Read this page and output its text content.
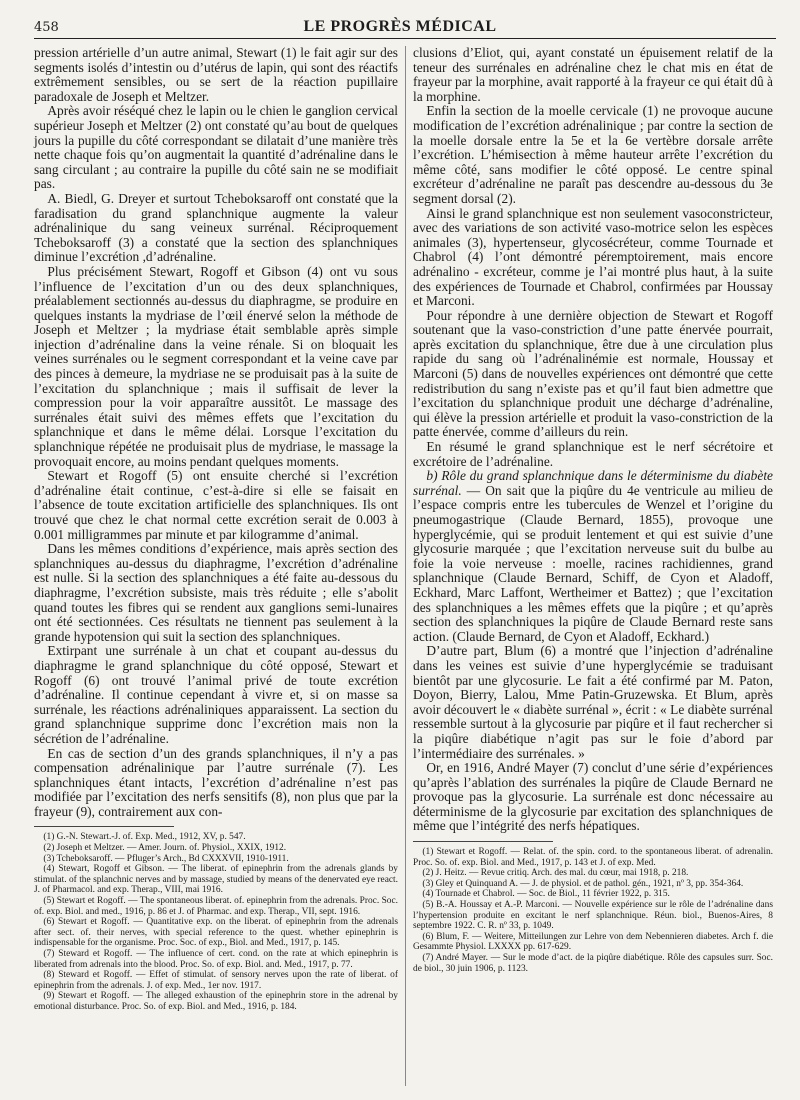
458	LE PROGRÈS MÉDICAL

pression artérielle d’un autre animal, Stewart (1) le fait agir sur des segments isolés d’intestin ou d’utérus de lapin, qui sont des réactifs extrêmement sensibles, ou se sert de la réaction pupillaire paradoxale de Joseph et Meltzer.

Après avoir réséqué chez le lapin ou le chien le ganglion cervical supérieur Joseph et Meltzer (2) ont constaté qu’au bout de quelques jours la pupille du côté correspondant se dilatait d’une manière très nette chaque fois qu’on augmentait la quantité d’adrénaline dans le sang circulant ; au contraire la pupille du côté sain ne se modifiait pas.

A. Biedl, G. Dreyer et surtout Tcheboksaroff ont constaté que la faradisation du grand splanchnique augmente la valeur adrénalinique du sang veineux surrénal. Réciproquement Tcheboksaroff (3) a constaté que la section des splanchniques diminue l’excrétion ,d’adrénaline.

Plus précisément Stewart, Rogoff et Gibson (4) ont vu sous l’influence de l’excitation d’un ou des deux splanchniques, préalablement sectionnés au-dessus du diaphragme, se produire en quelques instants la mydriase de l’œil énervé selon la méthode de Joseph et Meltzer ; la mydriase était semblable après simple injection d’adrénaline dans la veine rénale. Si on bloquait les veines surrénales ou le segment correspondant et la veine cave par des pinces à demeure, la mydriase ne se produisait pas à la suite de l’excitation du splanchnique ; mais il suffisait de lever la compression pour la voir apparaître aussitôt. Le massage des surrénales était suivi des mêmes effets que l’excitation du splanchnique et dans le même délai. Lorsque l’excitation du splanchnique répétée ne produisait plus de mydriase, le massage la provoquait encore, au moins pendant quelques moments.

Stewart et Rogoff (5) ont ensuite cherché si l’excrétion d’adrénaline était continue, c’est-à-dire si elle se faisait en l’absence de toute excitation artificielle des splanchniques. Ils ont trouvé que chez le chat normal cette excrétion serait de 0.003 à 0.001 milligrammes par minute et par kilogramme d’animal.

Dans les mêmes conditions d’expérience, mais après section des splanchniques au-dessus du diaphragme, l’excrétion d’adrénaline est nulle. Si la section des splanchniques a été faite au-dessous du diaphragme, l’excrétion subsiste, mais très réduite ; elle s’abolit quand toutes les fibres qui se rendent aux ganglions semi-lunaires ont été sectionnées. Ces résultats ne tiennent pas seulement à la grande hypotension qui suit la section des splanchniques.

Extirpant une surrénale à un chat et coupant au-dessus du diaphragme le grand splanchnique du côté opposé, Stewart et Rogoff (6) ont trouvé l’animal privé de toute excrétion d’adrénaline. Il continue cependant à vivre et, si on masse sa surrénale, les réactions adrénaliniques apparaissent. La section du grand splanchnique supprime donc l’excrétion mais non la sécrétion de l’adrénaline.

En cas de section d’un des grands splanchniques, il n’y a pas compensation adrénalinique par l’autre surrénale (7). Les splanchniques étant intacts, l’excrétion d’adrénaline n’est pas modifiée par l’excitation des nerfs sensitifs (8), non plus que par la frayeur (9), contrairement aux con-

(1) G.-N. Stewart.-J. of. Exp. Med., 1912, XV, p. 547.

(2) Joseph et Meltzer. — Amer. Journ. of. Physiol., XXIX, 1912.

(3) Tcheboksaroff. — Pfluger’s Arch., Bd CXXXVII, 1910-1911.

(4) Stewart, Rogoff et Gibson. — The liberat. of epinephrin from the adrenals glands by stimulat. of the splanchnic nerves and by massage, studied by means of the denervated eye react. J. of Pharmacol. and exp. Therap., VIII, mai 1916.

(5) Stewart et Rogoff. — The spontaneous liberat. of. epinephrin from the adrenals. Proc. Soc. of. exp. Biol. and med., 1916, p. 86 et J. of Pharmac. and exp. Therap., VII, sept. 1916.

(6) Stewart et Rogoff. — Quantitative exp. on the liberat. of epinephrin from the adrenals after sect. of. their nerves, with special reference to the quest. whether epinephrin is indispensable for the organisme. Proc. Soc. of exp., Biol. and Med., 1917, p. 145.

(7) Steward et Rogoff. — The influence of cert. cond. on the rate at which epinephrin is liberated from adrenals into the blood. Proc. So. of exp. Biol. and. Med., 1917, p. 77.

(8) Steward et Rogoff. — Effet of stimulat. of sensory nerves upon the rate of liberat. of epinephrin from the adrenals. J. of exp. Med., 1er nov. 1917.

(9) Stewart et Rogoff. — The alleged exhaustion of the epinephrin store in the adrenal by emotional disturbance. Proc. So. of exp. Biol. and Med., 1916, p. 184.

clusions d’Eliot, qui, ayant constaté un épuisement relatif de la teneur des surrénales en adrénaline chez le chat mis en état de frayeur par la morphine, avait rapporté à la frayeur ce qui était dû à la morphine.

Enfin la section de la moelle cervicale (1) ne provoque aucune modification de l’excrétion adrénalinique ; par contre la section de la moelle dorsale entre la 5e et la 6e vertèbre dorsale arrête l’excrétion. L’hémisection à même hauteur arrête l’excrétion du même côté, sans modifier le côté opposé. Le centre spinal excréteur d’adrénaline ne paraît pas descendre au-dessous du 3e segment dorsal (2).

Ainsi le grand splanchnique est non seulement vasoconstricteur, avec des variations de son activité vaso-motrice selon les espèces animales (3), hypertenseur, glycosécréteur, comme Tournade et Chabrol (4) l’ont démontré péremptoirement, mais encore adrénalino - excréteur, comme je l’ai montré plus haut, à la suite des expériences de Tournade et Chabrol, confirmées par Houssay et Marconi.

Pour répondre à une dernière objection de Stewart et Rogoff soutenant que la vaso-constriction d’une patte énervée pourrait, après excitation du splanchnique, être due à une circulation plus rapide du sang où l’adrénalinémie est normale, Houssay et Marconi (5) dans de nouvelles expériences ont démontré que cette redistribution du sang n’existe pas et qu’il faut bien admettre que l’excitation du splanchnique produit une décharge d’adrénaline, qui élève la pression artérielle et produit la vaso-constriction de la patte énervée, comme d’ailleurs du rein.

En résumé le grand splanchnique est le nerf sécrétoire et excrétoire de l’adrénaline.

b) Rôle du grand splanchnique dans le déterminisme du diabète surrénal. — On sait que la piqûre du 4e ventricule au milieu de l’espace compris entre les tubercules de Wenzel et l’origine du pneumogastrique (Claude Bernard, 1855), provoque une hyperglycémie, qui se produit lentement et qui est suivie d’une glycosurie marquée ; que l’excitation nerveuse suit du bulbe au foie la voie nerveuse : moelle, racines rachidiennes, grand splanchnique (Claude Bernard, Schiff, de Cyon et Aladoff, Eckhard, Marc Laffont, Wertheimer et Battez) ; que l’excitation des splanchniques a les mêmes effets que la piqûre ; et qu’après section des splanchniques la piqûre de Claude Bernard reste sans action. (Claude Bernard, de Cyon et Aladoff, Eckhard.)

D’autre part, Blum (6) a montré que l’injection d’adrénaline dans les veines est suivie d’une hyperglycémie se traduisant bientôt par une glycosurie. Le fait a été confirmé par M. Paton, Doyon, Bierry, Lalou, Mme Patin-Gruzewska. Et Blum, après avoir découvert le « diabète surrénal », écrit : « Le diabète surrénal ressemble surtout à la glycosurie par piqûre et il faut rechercher si la piqûre diabétique n’agit pas sur le foie d’abord par l’intermédiaire des surrénales. »

Or, en 1916, André Mayer (7) conclut d’une série d’expériences qu’après l’ablation des surrénales la piqûre de Claude Bernard ne provoque pas la glycosurie. La surrénale est donc nécessaire au déterminisme de la glycosurie par excitation des splanchniques de même que l’intégrité des nerfs hépatiques.

(1) Stewart et Rogoff. — Relat. of. the spin. cord. to the spontaneous liberat. of adrenalin. Proc. So. of. exp. Biol. and Med., 1917, p. 143 et J. of exp. Med.

(2) J. Heitz. — Revue critiq. Arch. des mal. du cœur, mai 1918, p. 218.

(3) Gley et Quinquand A. — J. de physiol. et de pathol. gén., 1921, nº 3, pp. 354-364.

(4) Tournade et Chabrol. — Soc. de Biol., 11 février 1922, p. 315.

(5) B.-A. Houssay et A.-P. Marconi. — Nouvelle expérience sur le rôle de l’adrénaline dans l’hypertension produite en excitant le nerf splanchnique. Réun. biol., Buenos-Aires, 8 septembre 1922. C. R. nº 33, p. 1049.

(6) Blum, F. — Weitere, Mitteilungen zur Lehre von dem Nebennieren diabetes. Arch f. die Gesammte Physiol. LXXXX pp. 617-629.

(7) André Mayer. — Sur le mode d’act. de la piqûre diabétique. Rôle des capsules surr. Soc. de biol., 30 juin 1906, p. 1123.
